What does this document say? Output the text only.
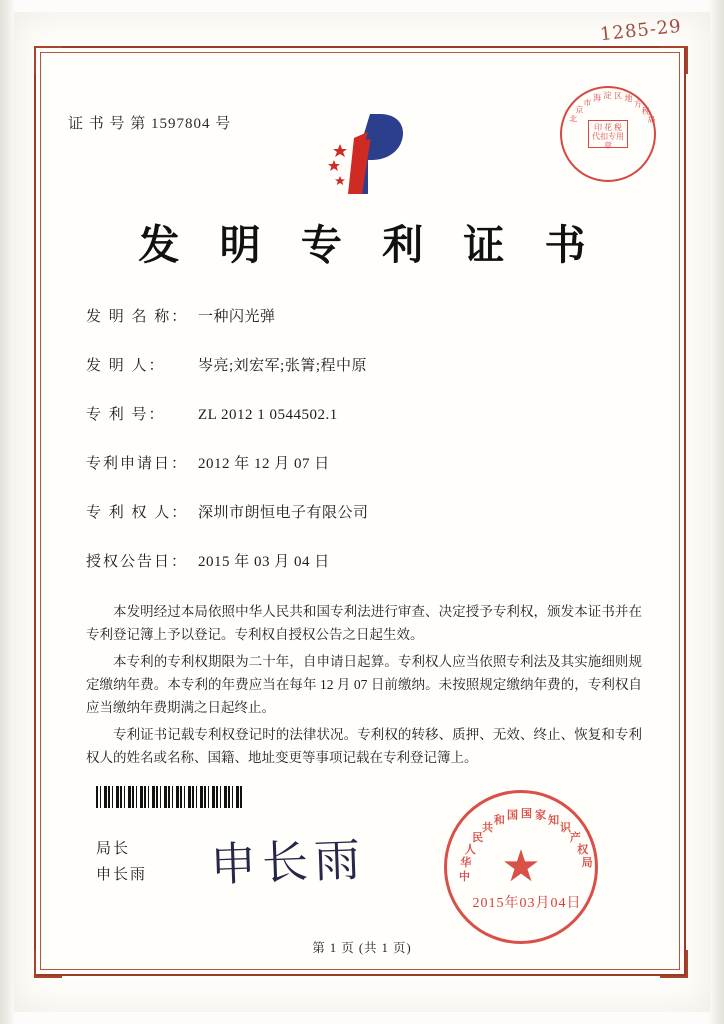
1285-29
证 书 号 第 1597804 号	北
京
市
海 淀 区 地
方
税
局
印 花 税
代扣专用章
发 明 专 利 证 书
发 明 名 称： 一种闪光弹
发 明 人：	岑亮;刘宏军;张箐;程中原
专 利 号：	ZL 2012 1 0544502.1
专利申请日： 2012 年 12 月 07 日
专 利 权 人： 深圳市朗恒电子有限公司
授权公告日： 2015 年 03 月 04 日

本发明经过本局依照中华人民共和国专利法进行审查、决定授予专利权，颁发本证书并在专利登记簿上予以登记。专利权自授权公告之日起生效。

本专利的专利权期限为二十年，自申请日起算。专利权人应当依照专利法及其实施细则规定缴纳年费。本专利的年费应当在每年 12 月 07 日前缴纳。未按照规定缴纳年费的，专利权自应当缴纳年费期满之日起终止。

专利证书记载专利权登记时的法律状况。专利权的转移、质押、无效、终止、恢复和专利权人的姓名或名称、国籍、地址变更等事项记载在专利登记簿上。

局长
申长雨 申长雨	中
华
人
民
共
和 国 国 家 知
识
产
权
局
★
2015年03月04日
第 1 页 (共 1 页)
